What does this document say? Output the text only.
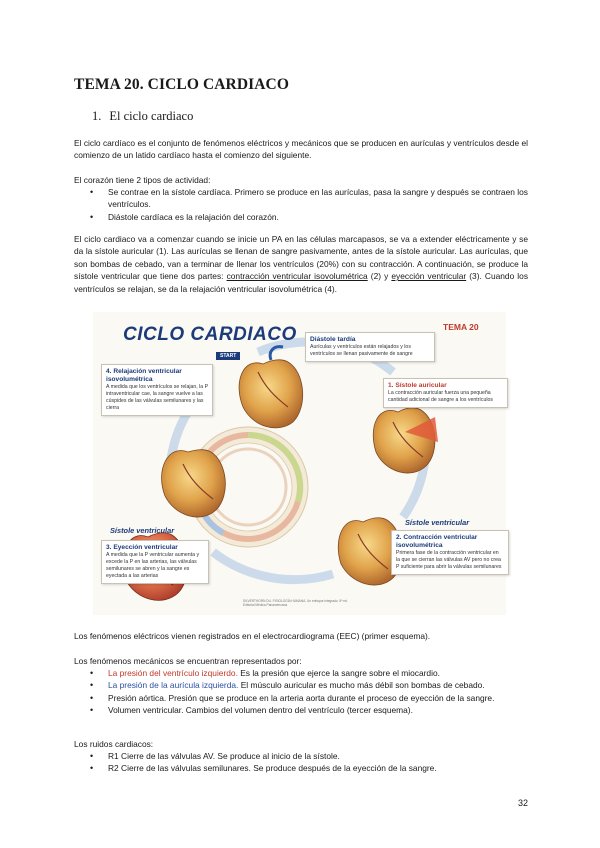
TEMA 20. CICLO CARDIACO
1. El ciclo cardiaco

El ciclo cardíaco es el conjunto de fenómenos eléctricos y mecánicos que se producen en aurículas y ventrículos desde el comienzo de un latido cardíaco hasta el comienzo del siguiente.

El corazón tiene 2 tipos de actividad:

• Se contrae en la sístole cardíaca. Primero se produce en las aurículas, pasa la sangre y después se contraen los ventrículos.
• Diástole cardíaca es la relajación del corazón.

El ciclo cardiaco va a comenzar cuando se inicie un PA en las células marcapasos, se va a extender eléctricamente y se da la sístole auricular (1). Las aurículas se llenan de sangre pasivamente, antes de la sístole auricular. Las aurículas, que son bombas de cebado, van a terminar de llenar los ventrículos (20%) con su contracción. A continuación, se produce la sístole ventricular que tiene dos partes: contracción ventricular isovolumétrica (2) y eyección ventricular (3). Cuando los ventrículos se relajan, se da la relajación ventricular isovolumétrica (4).

CICLO CARDIACO	TEMA 20
START
Diástole tardía
Aurículas y ventrículos están relajados y los ventrículos se llenan pasivamente de sangre
1. Sístole auricular
La contracción auricular fuerza una pequeña cantidad adicional de sangre a los ventrículos
4. Relajación ventricular isovolumétrica
A medida que los ventrículos se relajan, la P intraventricular cae, la sangre vuelve a las cúspides de las válvulas semilunares y las cierra
2. Contracción ventricular isovolumétrica
Primera fase de la contracción ventricular en la que se cierran las válvulas AV pero no crea P suficiente para abrir la válvulas semilunares
3. Eyección ventricular
A medida que la P ventricular aumenta y excede la P en las arterias, las válvulas semilunares se abren y la sangre es eyectada a las arterias
Sístole ventricular
Sístole ventricular
SILVERTHORN DU. FISIOLOGÍA HUMANA. Un enfoque integrado. 5ª ed. Editorial Médica Panamericana

Los fenómenos eléctricos vienen registrados en el electrocardiograma (EEC) (primer esquema).

Los fenómenos mecánicos se encuentran representados por:

• La presión del ventrículo izquierdo. Es la presión que ejerce la sangre sobre el miocardio.
• La presión de la aurícula izquierda. El músculo auricular es mucho más débil son bombas de cebado.
• Presión aórtica. Presión que se produce en la arteria aorta durante el proceso de eyección de la sangre.
• Volumen ventricular. Cambios del volumen dentro del ventrículo (tercer esquema).

Los ruidos cardiacos:

• R1 Cierre de las válvulas AV. Se produce al inicio de la sístole.
• R2 Cierre de las válvulas semilunares. Se produce después de la eyección de la sangre.
32
